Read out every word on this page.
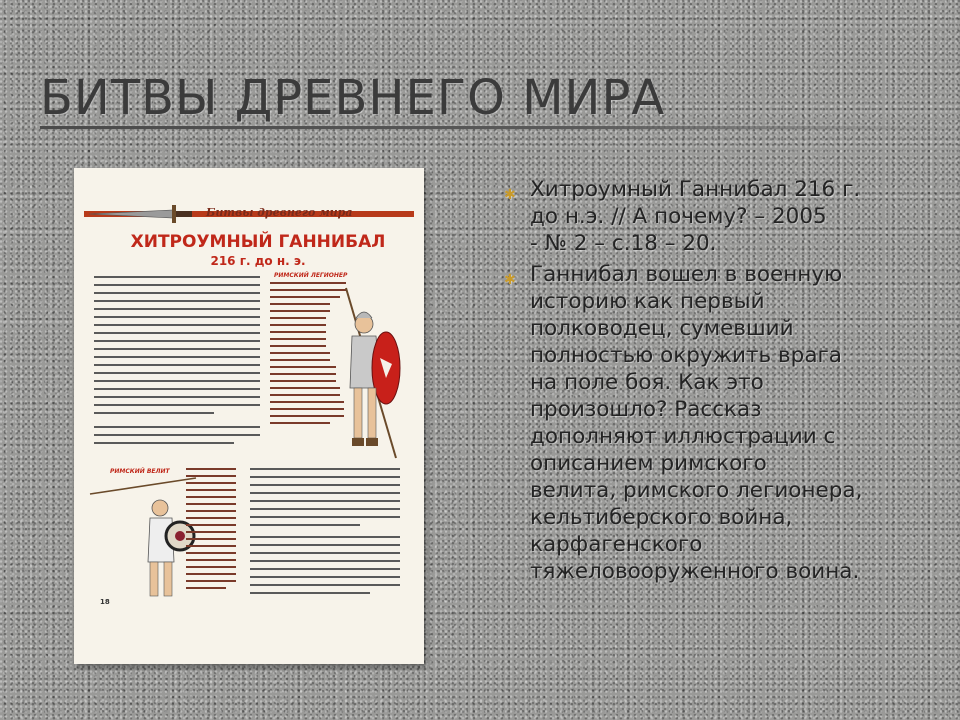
БИТВЫ ДРЕВНЕГО МИРА
Битвы древнего мира
ХИТРОУМНЫЙ ГАННИБАЛ
216 г. до н. э.
РИМСКИЙ ЛЕГИОНЕР
РИМСКИЙ ВЕЛИТ
18
✱ Хитроумный Ганнибал 216 г.
до н.э. // А почему? – 2005
- № 2 – с.18 – 20.
✱ Ганнибал вошел в военную
историю как первый
полководец, сумевший
полностью окружить врага
на поле боя. Как это
произошло? Рассказ
дополняют иллюстрации с
описанием римского
велита, римского легионера,
кельтиберского война,
карфагенского
тяжеловооруженного воина.
